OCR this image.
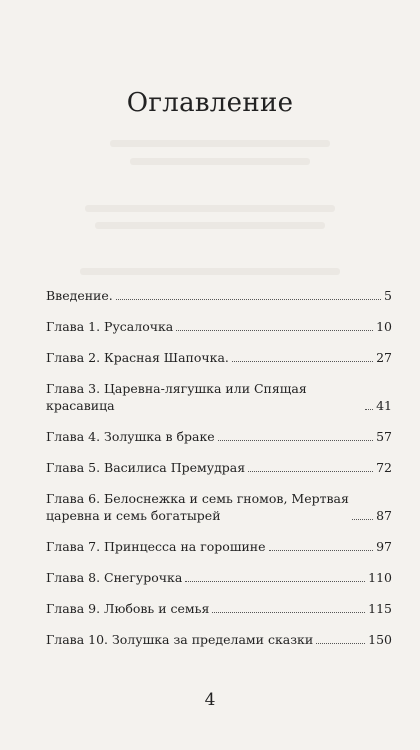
Оглавление
Введение.	5
Глава 1. Русалочка	10
Глава 2. Красная Шапочка.	27
Глава 3. Царевна-лягушка или Спящая красавица	41
Глава 4. Золушка в браке	57
Глава 5. Василиса Премудрая	72
Глава 6. Белоснежка и семь гномов, Мертвая
царевна и семь богатырей	87
Глава 7. Принцесса на горошине	97
Глава 8. Снегурочка	110
Глава 9. Любовь и семья	115
Глава 10. Золушка за пределами сказки	150
4
